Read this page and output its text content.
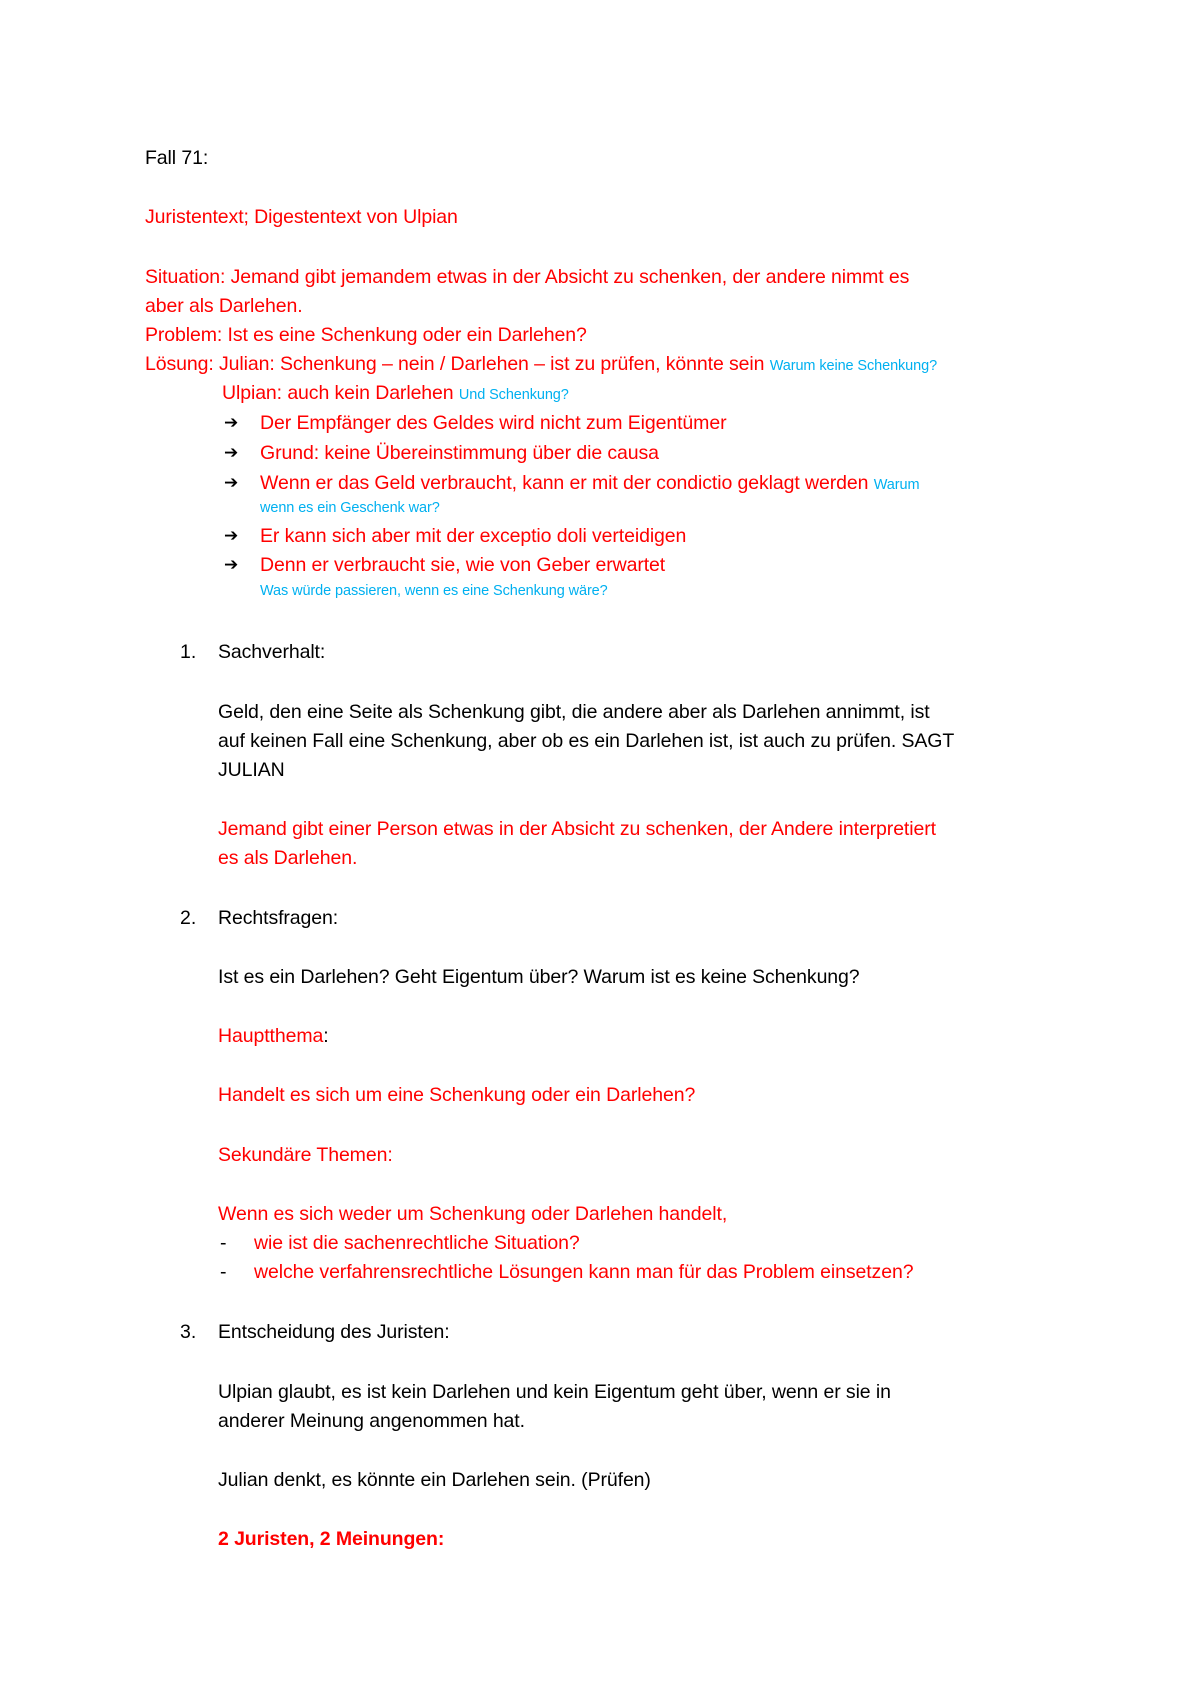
Fall 71:
Juristentext; Digestentext von Ulpian
Situation: Jemand gibt jemandem etwas in der Absicht zu schenken, der andere nimmt es
aber als Darlehen.
Problem: Ist es eine Schenkung oder ein Darlehen?
Lösung: Julian: Schenkung – nein / Darlehen – ist zu prüfen, könnte sein Warum keine Schenkung?
Ulpian: auch kein Darlehen Und Schenkung?
➔ Der Empfänger des Geldes wird nicht zum Eigentümer
➔ Grund: keine Übereinstimmung über die causa
➔ Wenn er das Geld verbraucht, kann er mit der condictio geklagt werden Warum
wenn es ein Geschenk war?
➔ Er kann sich aber mit der exceptio doli verteidigen
➔ Denn er verbraucht sie, wie von Geber erwartet
Was würde passieren, wenn es eine Schenkung wäre?
1. Sachverhalt:
Geld, den eine Seite als Schenkung gibt, die andere aber als Darlehen annimmt, ist
auf keinen Fall eine Schenkung, aber ob es ein Darlehen ist, ist auch zu prüfen. SAGT
JULIAN
Jemand gibt einer Person etwas in der Absicht zu schenken, der Andere interpretiert
es als Darlehen.
2. Rechtsfragen:
Ist es ein Darlehen? Geht Eigentum über? Warum ist es keine Schenkung?
Hauptthema:
Handelt es sich um eine Schenkung oder ein Darlehen?
Sekundäre Themen:
Wenn es sich weder um Schenkung oder Darlehen handelt,
- wie ist die sachenrechtliche Situation?
- welche verfahrensrechtliche Lösungen kann man für das Problem einsetzen?
3. Entscheidung des Juristen:
Ulpian glaubt, es ist kein Darlehen und kein Eigentum geht über, wenn er sie in
anderer Meinung angenommen hat.
Julian denkt, es könnte ein Darlehen sein. (Prüfen)
2 Juristen, 2 Meinungen:
